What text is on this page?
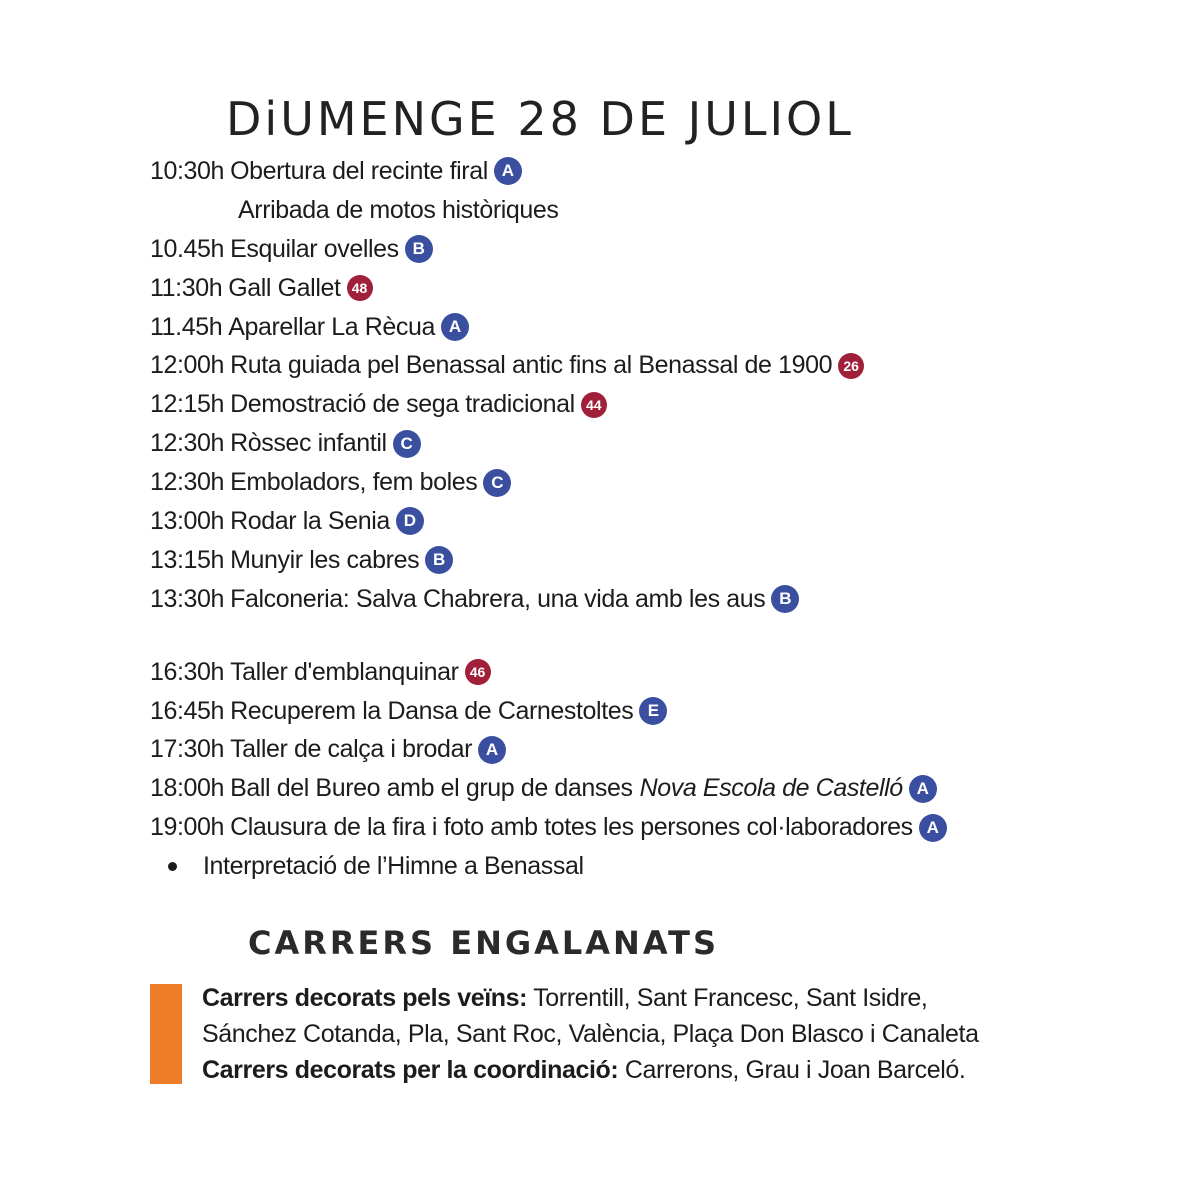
DiUMENGE 28 DE JULIOL
10:30h Obertura del recinte firal A
Arribada de motos històriques
10.45h Esquilar ovelles B
11:30h Gall Gallet 48
11.45h Aparellar La Rècua A
12:00h Ruta guiada pel Benassal antic fins al Benassal de 1900 26
12:15h Demostració de sega tradicional 44
12:30h Ròssec infantil C
12:30h Emboladors, fem boles C
13:00h Rodar la Senia D
13:15h Munyir les cabres B
13:30h Falconeria: Salva Chabrera, una vida amb les aus B
16:30h Taller d'emblanquinar 46
16:45h Recuperem la Dansa de Carnestoltes E
17:30h Taller de calça i brodar A
18:00h Ball del Bureo amb el grup de danses Nova Escola de Castelló A
19:00h Clausura de la fira i foto amb totes les persones col·laboradores A
Interpretació de l’Himne a Benassal
CARRERS ENGALANATS

Carrers decorats pels veïns: Torrentill, Sant Francesc, Sant Isidre,

Sánchez Cotanda, Pla, Sant Roc, València, Plaça Don Blasco i Canaleta

Carrers decorats per la coordinació: Carrerons, Grau i Joan Barceló.
